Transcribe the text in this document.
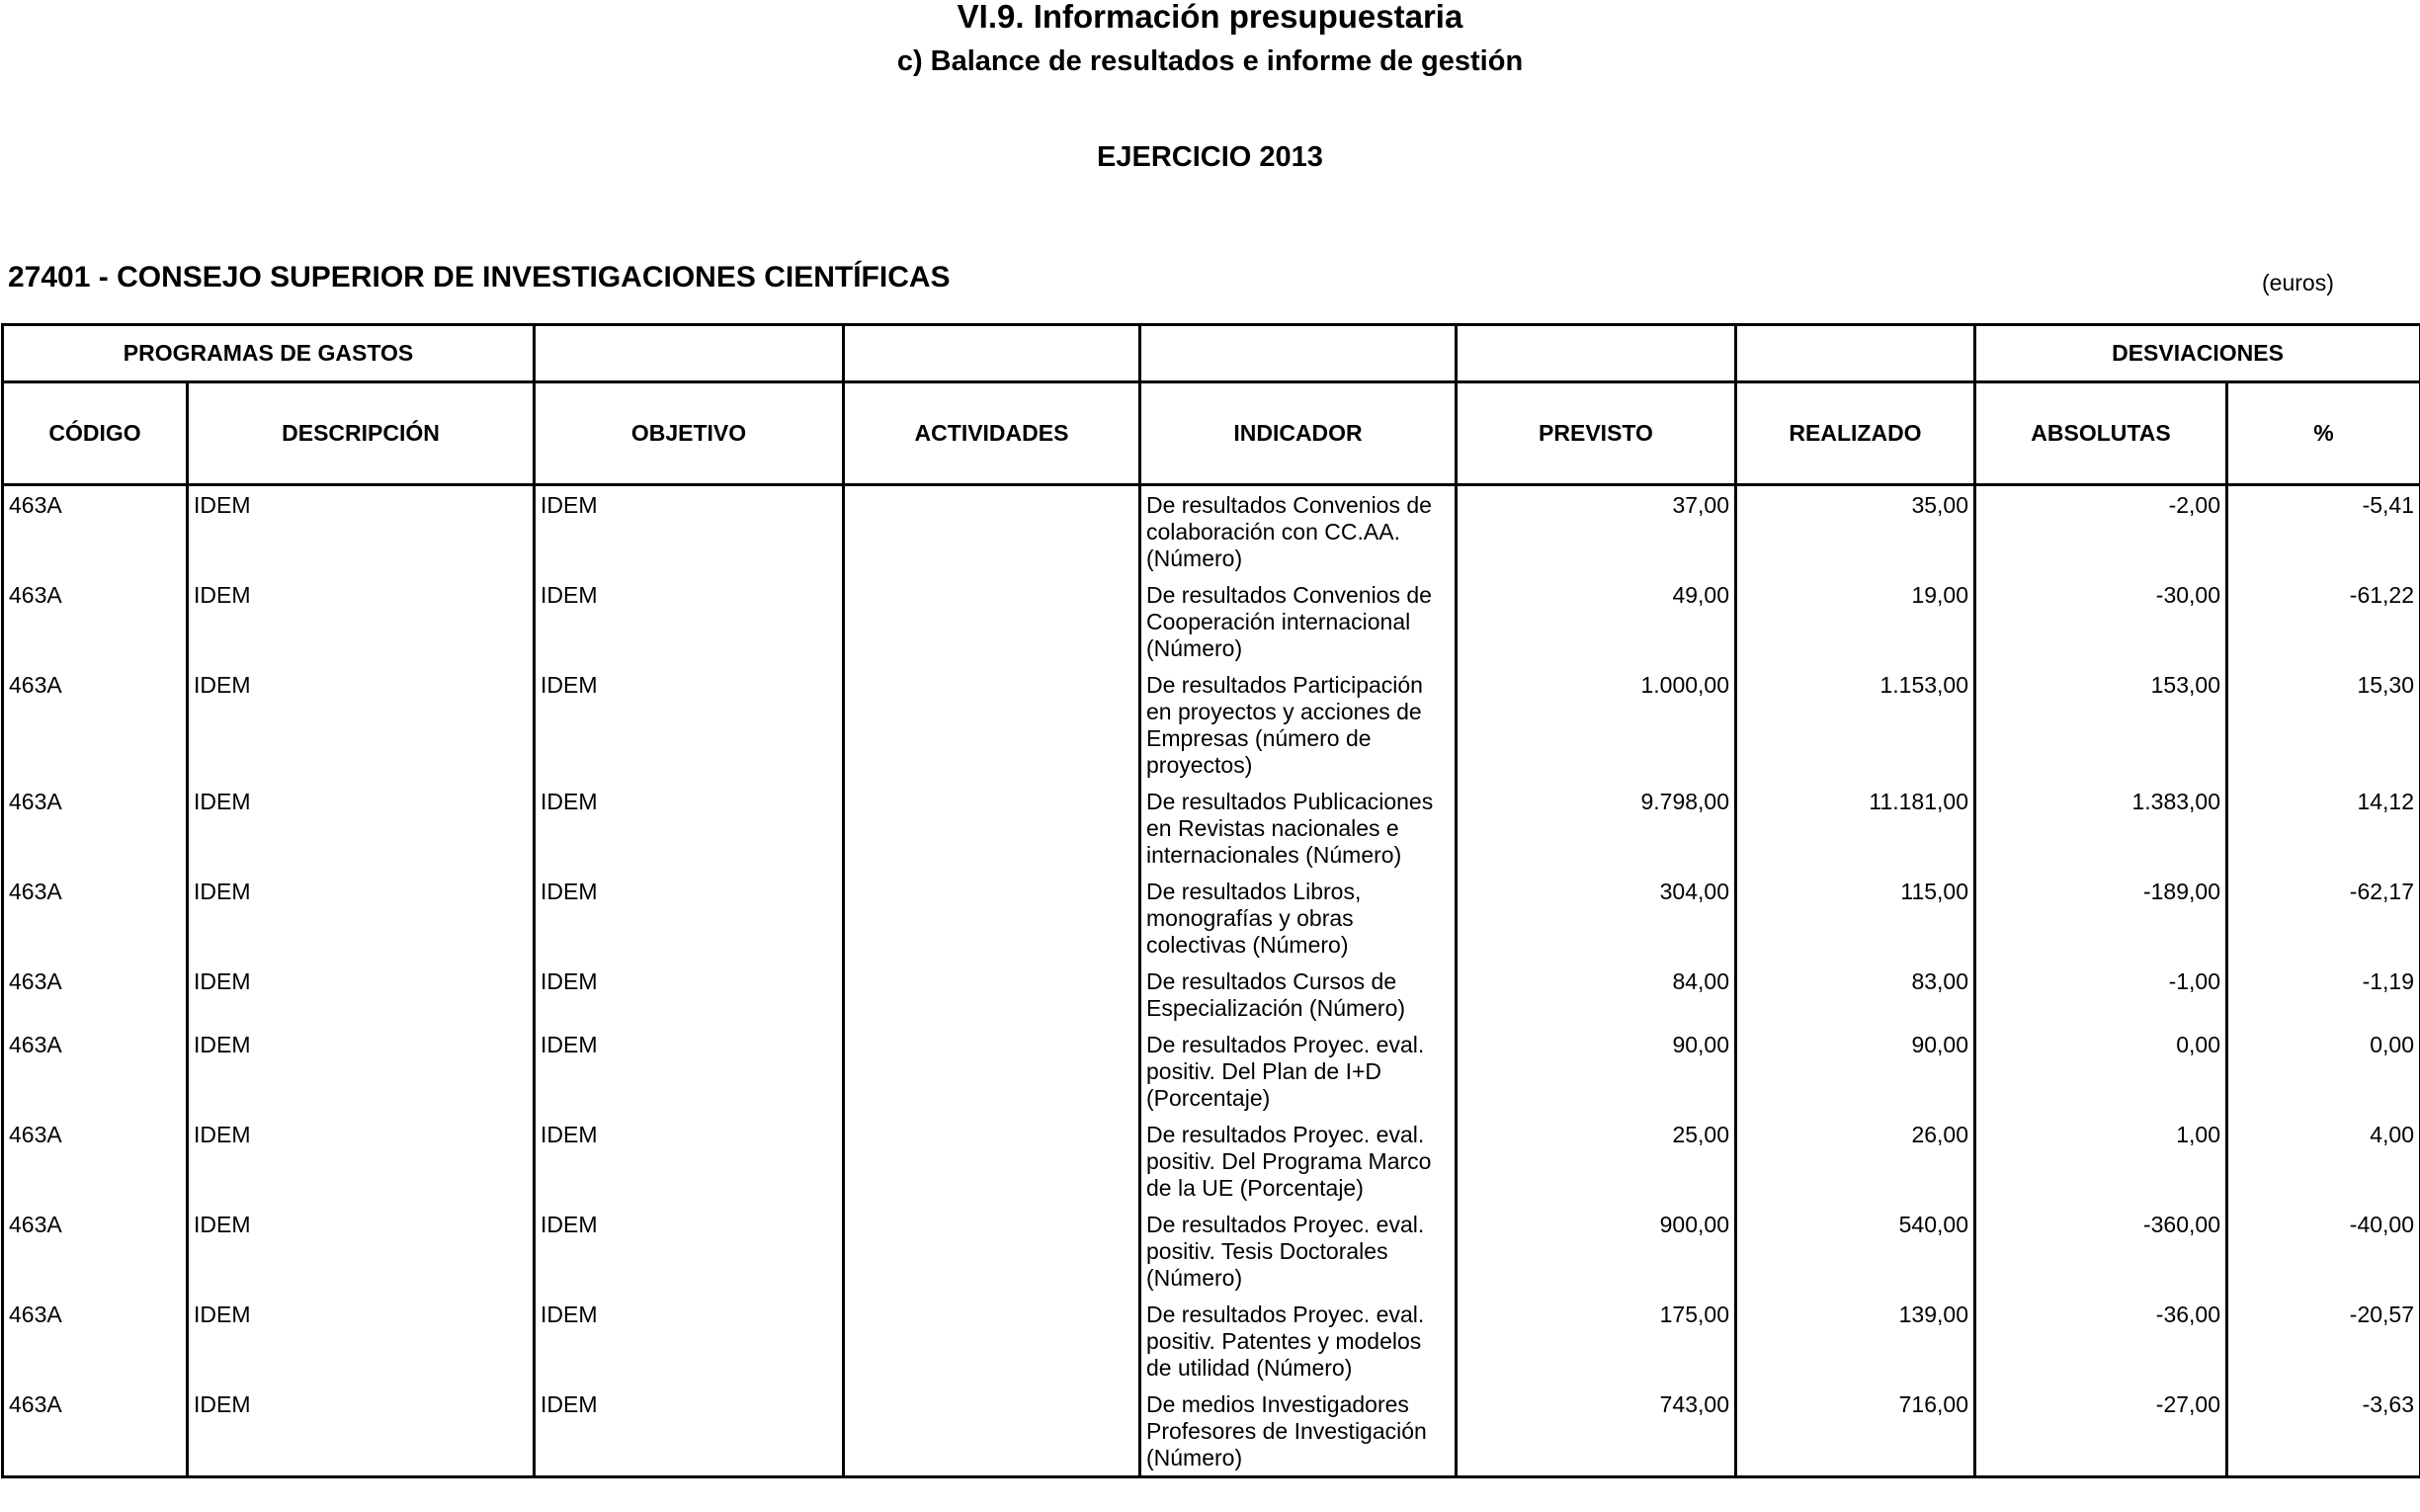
VI.9. Información presupuestaria
c) Balance de resultados e informe de gestión
EJERCICIO 2013
27401 - CONSEJO SUPERIOR DE INVESTIGACIONES CIENTÍFICAS	(euros)
PROGRAMAS DE GASTOS							DESVIACIONES	
CÓDIGO	DESCRIPCIÓN	OBJETIVO	ACTIVIDADES	INDICADOR	PREVISTO	REALIZADO	ABSOLUTAS	%
463A	IDEM	IDEM		De resultados Convenios de colaboración con CC.AA. (Número)	37,00	35,00	-2,00	-5,41
463A	IDEM	IDEM		De resultados Convenios de Cooperación internacional (Número)	49,00	19,00	-30,00	-61,22
463A	IDEM	IDEM		De resultados Participación en proyectos y acciones de Empresas (número de proyectos)	1.000,00	1.153,00	153,00	15,30
463A	IDEM	IDEM		De resultados Publicaciones en Revistas nacionales e internacionales (Número)	9.798,00	11.181,00	1.383,00	14,12
463A	IDEM	IDEM		De resultados Libros, monografías y obras colectivas (Número)	304,00	115,00	-189,00	-62,17
463A	IDEM	IDEM		De resultados Cursos de Especialización (Número)	84,00	83,00	-1,00	-1,19
463A	IDEM	IDEM		De resultados Proyec. eval. positiv. Del Plan de I+D (Porcentaje)	90,00	90,00	0,00	0,00
463A	IDEM	IDEM		De resultados Proyec. eval. positiv. Del Programa Marco de la UE (Porcentaje)	25,00	26,00	1,00	4,00
463A	IDEM	IDEM		De resultados Proyec. eval. positiv. Tesis Doctorales (Número)	900,00	540,00	-360,00	-40,00
463A	IDEM	IDEM		De resultados Proyec. eval. positiv. Patentes y modelos de utilidad (Número)	175,00	139,00	-36,00	-20,57
463A	IDEM	IDEM		De medios Investigadores Profesores de Investigación (Número)	743,00	716,00	-27,00	-3,63
